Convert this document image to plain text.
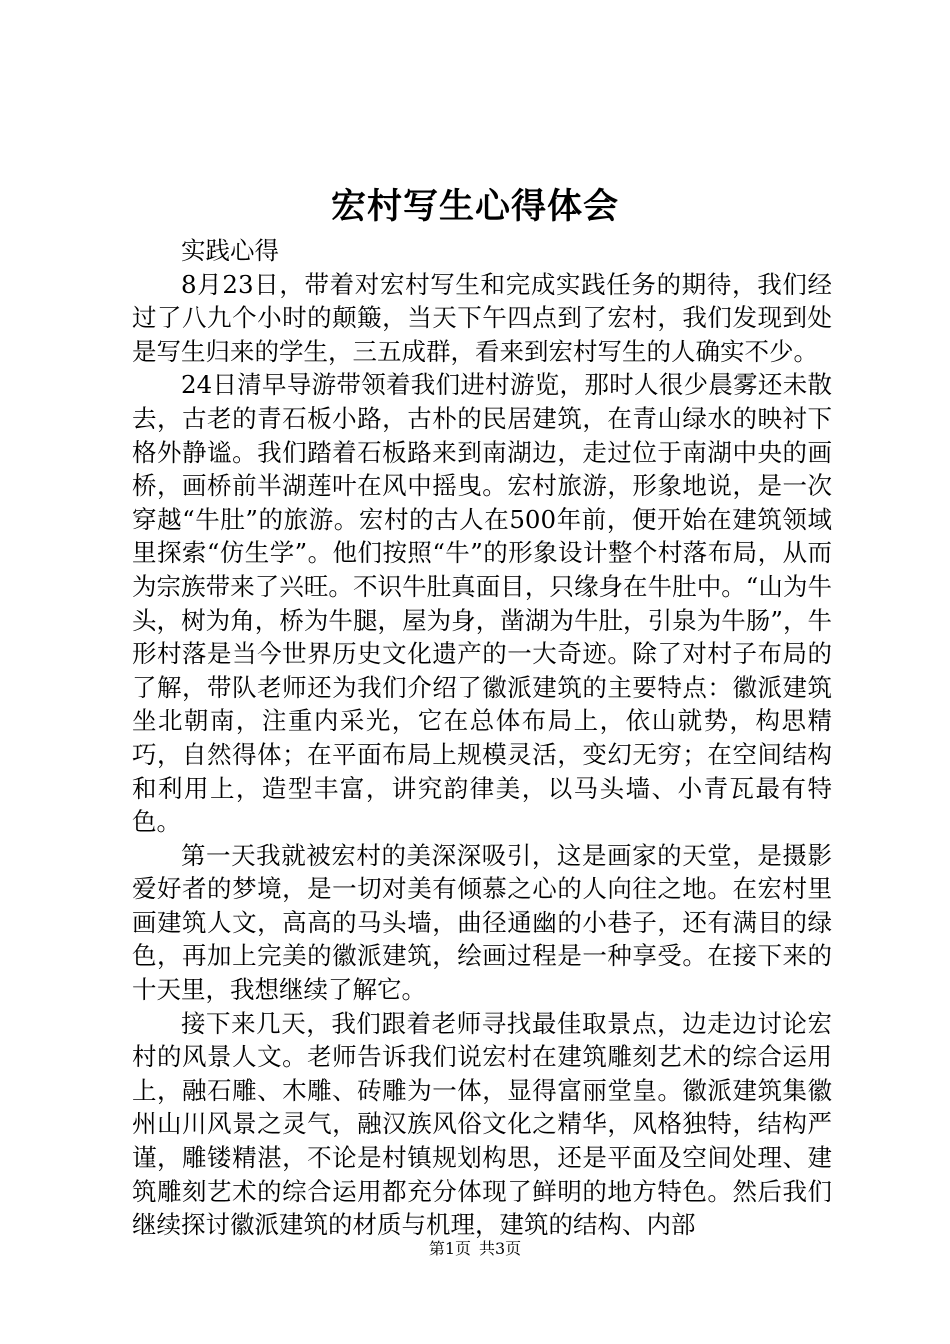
宏村写生心得体会

实践心得

8月23日，带着对宏村写生和完成实践任务的期待，我们经过了八九个小时的颠簸，当天下午四点到了宏村，我们发现到处是写生归来的学生，三五成群，看来到宏村写生的人确实不少。

24日清早导游带领着我们进村游览，那时人很少晨雾还未散去，古老的青石板小路，古朴的民居建筑，在青山绿水的映衬下格外静谧。我们踏着石板路来到南湖边，走过位于南湖中央的画桥，画桥前半湖莲叶在风中摇曳。宏村旅游，形象地说，是一次穿越“牛肚”的旅游。宏村的古人在500年前，便开始在建筑领域里探索“仿生学”。他们按照“牛”的形象设计整个村落布局，从而为宗族带来了兴旺。不识牛肚真面目，只缘身在牛肚中。“山为牛头，树为角，桥为牛腿，屋为身，凿湖为牛肚，引泉为牛肠”，牛形村落是当今世界历史文化遗产的一大奇迹。除了对村子布局的了解，带队老师还为我们介绍了徽派建筑的主要特点：徽派建筑坐北朝南，注重内采光，它在总体布局上，依山就势，构思精巧，自然得体；在平面布局上规模灵活，变幻无穷；在空间结构和利用上，造型丰富，讲究韵律美，以马头墙、小青瓦最有特色。

第一天我就被宏村的美深深吸引，这是画家的天堂，是摄影爱好者的梦境，是一切对美有倾慕之心的人向往之地。在宏村里画建筑人文，高高的马头墙，曲径通幽的小巷子，还有满目的绿色，再加上完美的徽派建筑，绘画过程是一种享受。在接下来的十天里，我想继续了解它。

接下来几天，我们跟着老师寻找最佳取景点，边走边讨论宏村的风景人文。老师告诉我们说宏村在建筑雕刻艺术的综合运用上，融石雕、木雕、砖雕为一体，显得富丽堂皇。徽派建筑集徽州山川风景之灵气，融汉族风俗文化之精华，风格独特，结构严谨，雕镂精湛，不论是村镇规划构思，还是平面及空间处理、建筑雕刻艺术的综合运用都充分体现了鲜明的地方特色。然后我们继续探讨徽派建筑的材质与机理，建筑的结构、内部

第1页 共3页
